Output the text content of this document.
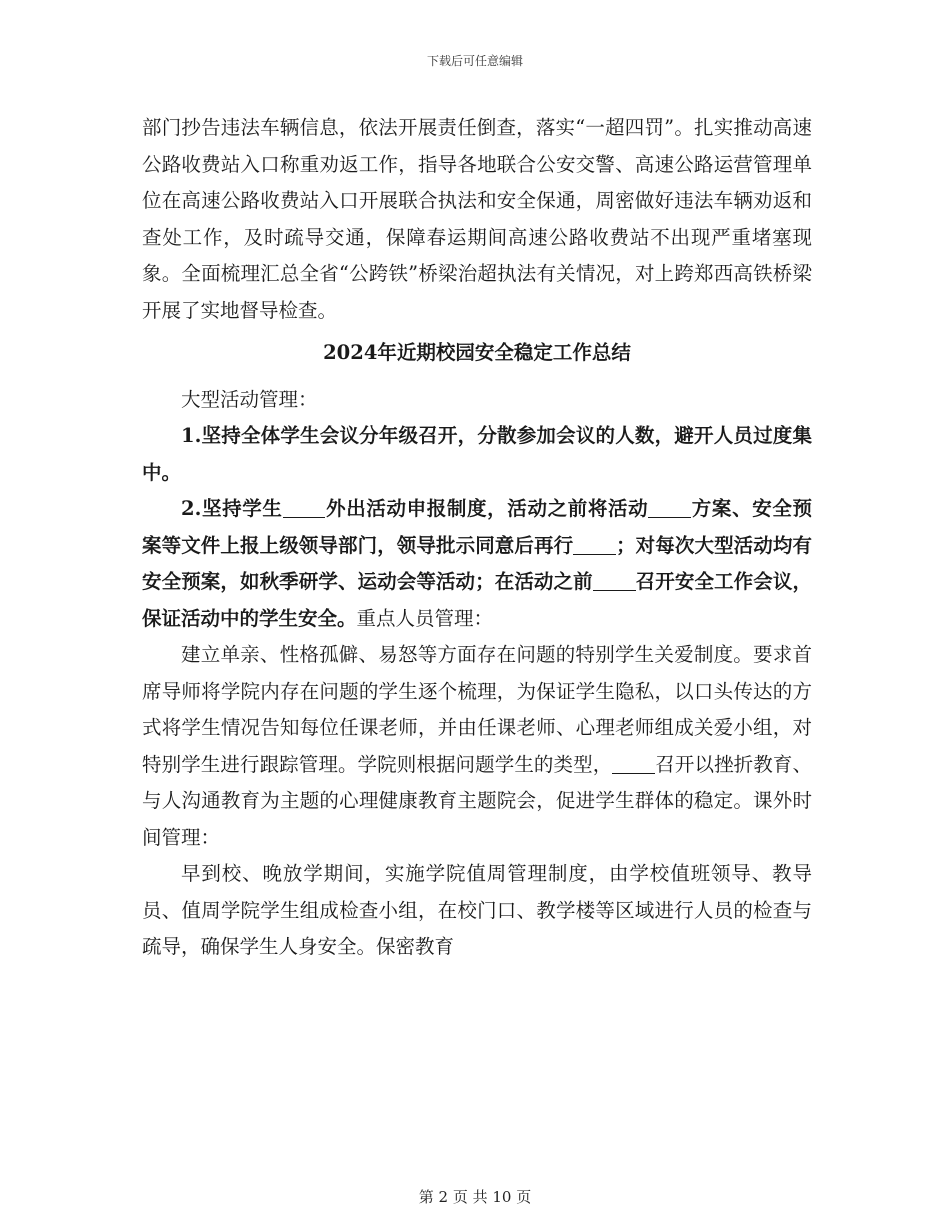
下载后可任意编辑

部门抄告违法车辆信息，依法开展责任倒查，落实“一超四罚”。扎实推动高速公路收费站入口称重劝返工作，指导各地联合公安交警、高速公路运营管理单位在高速公路收费站入口开展联合执法和安全保通，周密做好违法车辆劝返和查处工作，及时疏导交通，保障春运期间高速公路收费站不出现严重堵塞现象。全面梳理汇总全省“公跨铁”桥梁治超执法有关情况，对上跨郑西高铁桥梁开展了实地督导检查。

2024年近期校园安全稳定工作总结

大型活动管理：

1.坚持全体学生会议分年级召开，分散参加会议的人数，避开人员过度集中。

2.坚持学生 外出活动申报制度，活动之前将活动 方案、安全预案等文件上报上级领导部门，领导批示同意后再行 ；对每次大型活动均有安全预案，如秋季研学、运动会等活动；在活动之前 召开安全工作会议，保证活动中的学生安全。重点人员管理：

建立单亲、性格孤僻、易怒等方面存在问题的特别学生关爱制度。要求首席导师将学院内存在问题的学生逐个梳理，为保证学生隐私，以口头传达的方式将学生情况告知每位任课老师，并由任课老师、心理老师组成关爱小组，对特别学生进行跟踪管理。学院则根据问题学生的类型， 召开以挫折教育、与人沟通教育为主题的心理健康教育主题院会，促进学生群体的稳定。课外时间管理：

早到校、晚放学期间，实施学院值周管理制度，由学校值班领导、教导员、值周学院学生组成检查小组，在校门口、教学楼等区域进行人员的检查与疏导，确保学生人身安全。保密教育

第 2 页 共 10 页
